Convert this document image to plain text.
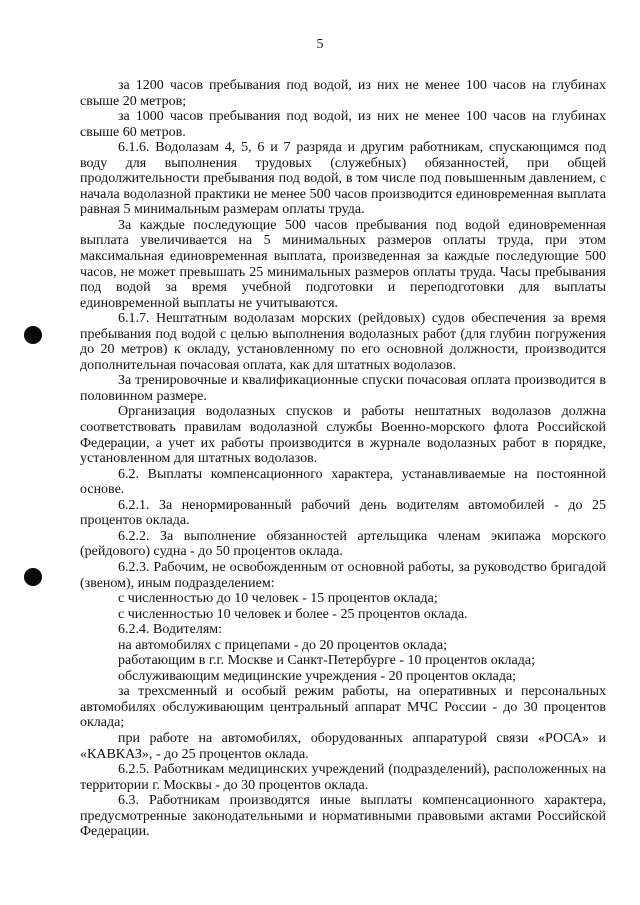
5

за 1200 часов пребывания под водой, из них не менее 100 часов на глубинах свыше 20 метров;

за 1000 часов пребывания под водой, из них не менее 100 часов на глубинах свыше 60 метров.

6.1.6. Водолазам 4, 5, 6 и 7 разряда и другим работникам, спускающимся под воду для выполнения трудовых (служебных) обязанностей, при общей продолжительности пребывания под водой, в том числе под повышенным давлением, с начала водолазной практики не менее 500 часов производится единовременная выплата равная 5 минимальным размерам оплаты труда.

За каждые последующие 500 часов пребывания под водой единовременная выплата увеличивается на 5 минимальных размеров оплаты труда, при этом максимальная единовременная выплата, произведенная за каждые последующие 500 часов, не может превышать 25 минимальных размеров оплаты труда. Часы пребывания под водой за время учебной подготовки и переподготовки для выплаты единовременной выплаты не учитываются.

6.1.7. Нештатным водолазам морских (рейдовых) судов обеспечения за время пребывания под водой с целью выполнения водолазных работ (для глубин погружения до 20 метров) к окладу, установленному по его основной должности, производится дополнительная почасовая оплата, как для штатных водолазов.

За тренировочные и квалификационные спуски почасовая оплата производится в половинном размере.

Организация водолазных спусков и работы нештатных водолазов должна соответствовать правилам водолазной службы Военно-морского флота Российской Федерации, а учет их работы производится в журнале водолазных работ в порядке, установленном для штатных водолазов.

6.2. Выплаты компенсационного характера, устанавливаемые на постоянной основе.

6.2.1. За ненормированный рабочий день водителям автомобилей - до 25 процентов оклада.

6.2.2. За выполнение обязанностей артельщика членам экипажа морского (рейдового) судна - до 50 процентов оклада.

6.2.3. Рабочим, не освобожденным от основной работы, за руководство бригадой (звеном), иным подразделением:

с численностью до 10 человек - 15 процентов оклада;

с численностью 10 человек и более - 25 процентов оклада.

6.2.4. Водителям:

на автомобилях с прицепами - до 20 процентов оклада;

работающим в г.г. Москве и Санкт-Петербурге - 10 процентов оклада;

обслуживающим медицинские учреждения - 20 процентов оклада;

за трехсменный и особый режим работы, на оперативных и персональных автомобилях обслуживающим центральный аппарат МЧС России - до 30 процентов оклада;

при работе на автомобилях, оборудованных аппаратурой связи «РОСА» и «КАВКАЗ», - до 25 процентов оклада.

6.2.5. Работникам медицинских учреждений (подразделений), расположенных на территории г. Москвы - до 30 процентов оклада.

6.3. Работникам производятся иные выплаты компенсационного характера, предусмотренные законодательными и нормативными правовыми актами Российской Федерации.
